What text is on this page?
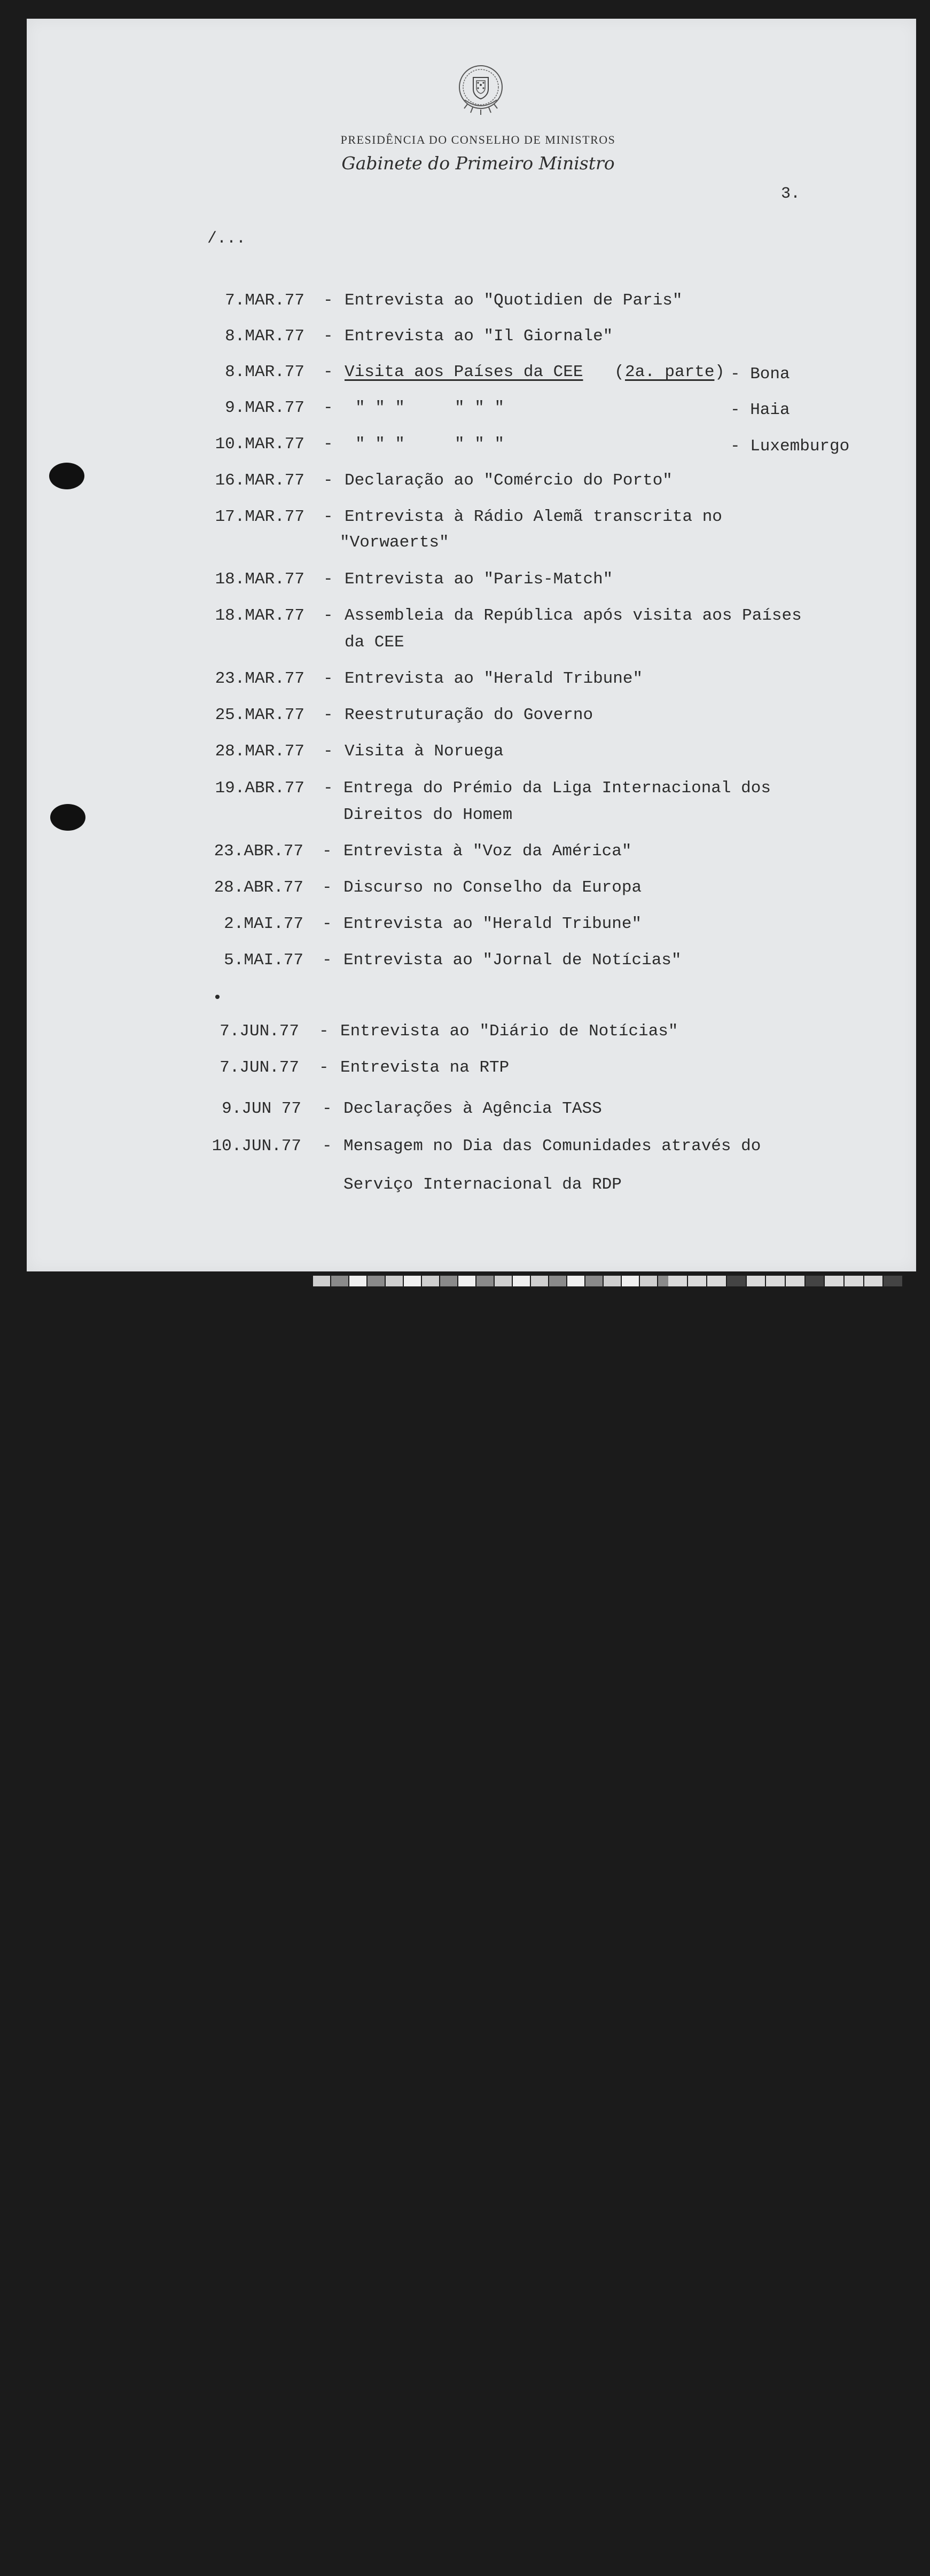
PRESIDÊNCIA DO CONSELHO DE MINISTROS
Gabinete do Primeiro Ministro
3.
/...

7.MAR.77

-

Entrevista ao "Quotidien de Paris"

8.MAR.77

-

Entrevista ao "Il Giornale"

8.MAR.77

-

Visita aos Países da CEE

(

2a. parte

)

- Bona

9.MAR.77

-

" " "     " " "

	- Haia

10.MAR.77

-

" " "     " " "

	- Luxemburgo

16.MAR.77

-

Declaração ao "Comércio do Porto"

17.MAR.77

-

Entrevista à Rádio Alemã transcrita no

"Vorwaerts"

18.MAR.77

-

Entrevista ao "Paris-Match"

18.MAR.77

-

Assembleia da República após visita aos Países

da CEE

23.MAR.77

-

Entrevista ao "Herald Tribune"

25.MAR.77

-

Reestruturação do Governo

28.MAR.77

-

Visita à Noruega

19.ABR.77

-

Entrega do Prémio da Liga Internacional dos

Direitos do Homem

23.ABR.77

-

Entrevista à "Voz da América"

28.ABR.77

-

Discurso no Conselho da Europa

2.MAI.77

-

Entrevista ao "Herald Tribune"

5.MAI.77

-

Entrevista ao "Jornal de Notícias"

•

7.JUN.77

-

Entrevista ao "Diário de Notícias"

7.JUN.77

-

Entrevista na RTP

9.JUN 77

-

Declarações à Agência TASS

10.JUN.77

-

Mensagem no Dia das Comunidades através do

Serviço Internacional da RDP
